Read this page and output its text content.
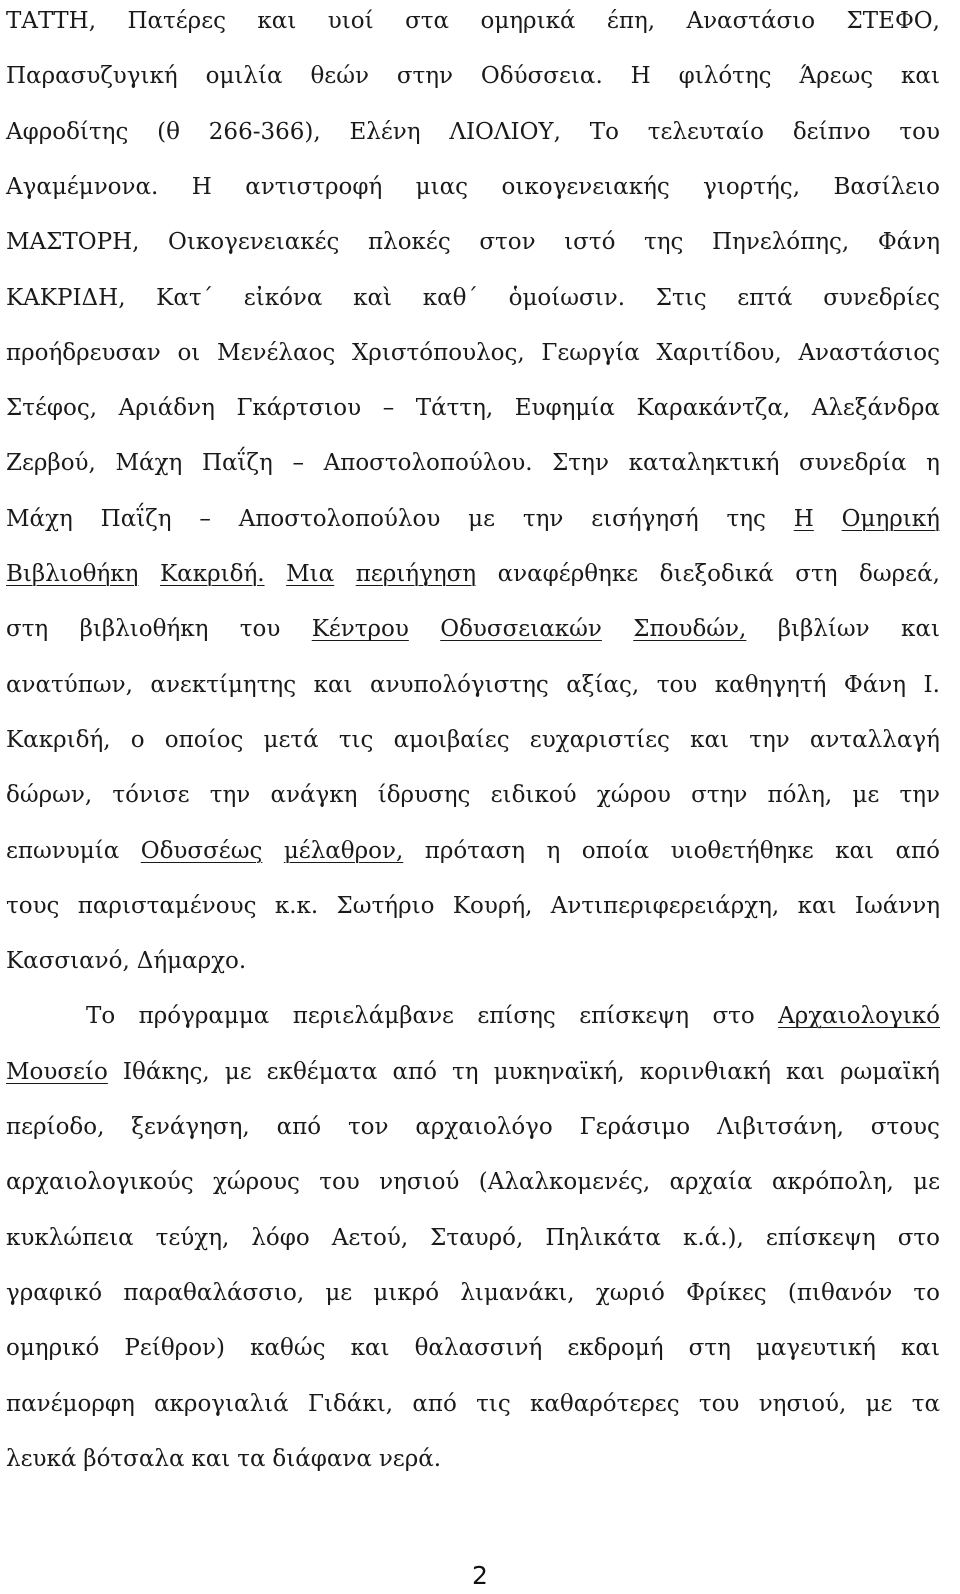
ΤΑΤΤΗ, Πατέρες και υιοί στα ομηρικά έπη, Αναστάσιο ΣΤΕΦΟ,
Παρασυζυγική ομιλία θεών στην Οδύσσεια. Η φιλότης Άρεως και
Αφροδίτης (θ 266-366), Ελένη ΛΙΟΛΙΟΥ, Το τελευταίο δείπνο του
Αγαμέμνονα. Η αντιστροφή μιας οικογενειακής γιορτής, Βασίλειο
ΜΑΣΤΟΡΗ, Οικογενειακές πλοκές στον ιστό της Πηνελόπης, Φάνη
ΚΑΚΡΙΔΗ, Κατ΄ εἰκόνα καὶ καθ΄ ὁμοίωσιν. Στις επτά συνεδρίες
προήδρευσαν οι Μενέλαος Χριστόπουλος, Γεωργία Χαριτίδου, Αναστάσιος
Στέφος, Αριάδνη Γκάρτσιου – Τάττη, Ευφημία Καρακάντζα, Αλεξάνδρα
Ζερβού, Μάχη Παΐζη – Αποστολοπούλου. Στην καταληκτική συνεδρία η
Μάχη Παΐζη – Αποστολοπούλου με την εισήγησή της Η Ομηρική
Βιβλιοθήκη Κακριδή. Μια περιήγηση αναφέρθηκε διεξοδικά στη δωρεά,
στη βιβλιοθήκη του Κέντρου Οδυσσειακών Σπουδών, βιβλίων και
ανατύπων, ανεκτίμητης και ανυπολόγιστης αξίας, του καθηγητή Φάνη Ι.
Κακριδή, ο οποίος μετά τις αμοιβαίες ευχαριστίες και την ανταλλαγή
δώρων, τόνισε την ανάγκη ίδρυσης ειδικού χώρου στην πόλη, με την
επωνυμία Οδυσσέως μέλαθρον, πρόταση η οποία υιοθετήθηκε και από
τους παρισταμένους κ.κ. Σωτήριο Κουρή, Αντιπεριφερειάρχη, και Ιωάννη
Κασσιανό, Δήμαρχο.
Το πρόγραμμα περιελάμβανε επίσης επίσκεψη στο Αρχαιολογικό
Μουσείο Ιθάκης, με εκθέματα από τη μυκηναϊκή, κορινθιακή και ρωμαϊκή
περίοδο, ξενάγηση, από τον αρχαιολόγο Γεράσιμο Λιβιτσάνη, στους
αρχαιολογικούς χώρους του νησιού (Αλαλκομενές, αρχαία ακρόπολη, με
κυκλώπεια τεύχη, λόφο Αετού, Σταυρό, Πηλικάτα κ.ά.), επίσκεψη στο
γραφικό παραθαλάσσιο, με μικρό λιμανάκι, χωριό Φρίκες (πιθανόν το
ομηρικό Ρείθρον) καθώς και θαλασσινή εκδρομή στη μαγευτική και
πανέμορφη ακρογιαλιά Γιδάκι, από τις καθαρότερες του νησιού, με τα
λευκά βότσαλα και τα διάφανα νερά.
2
